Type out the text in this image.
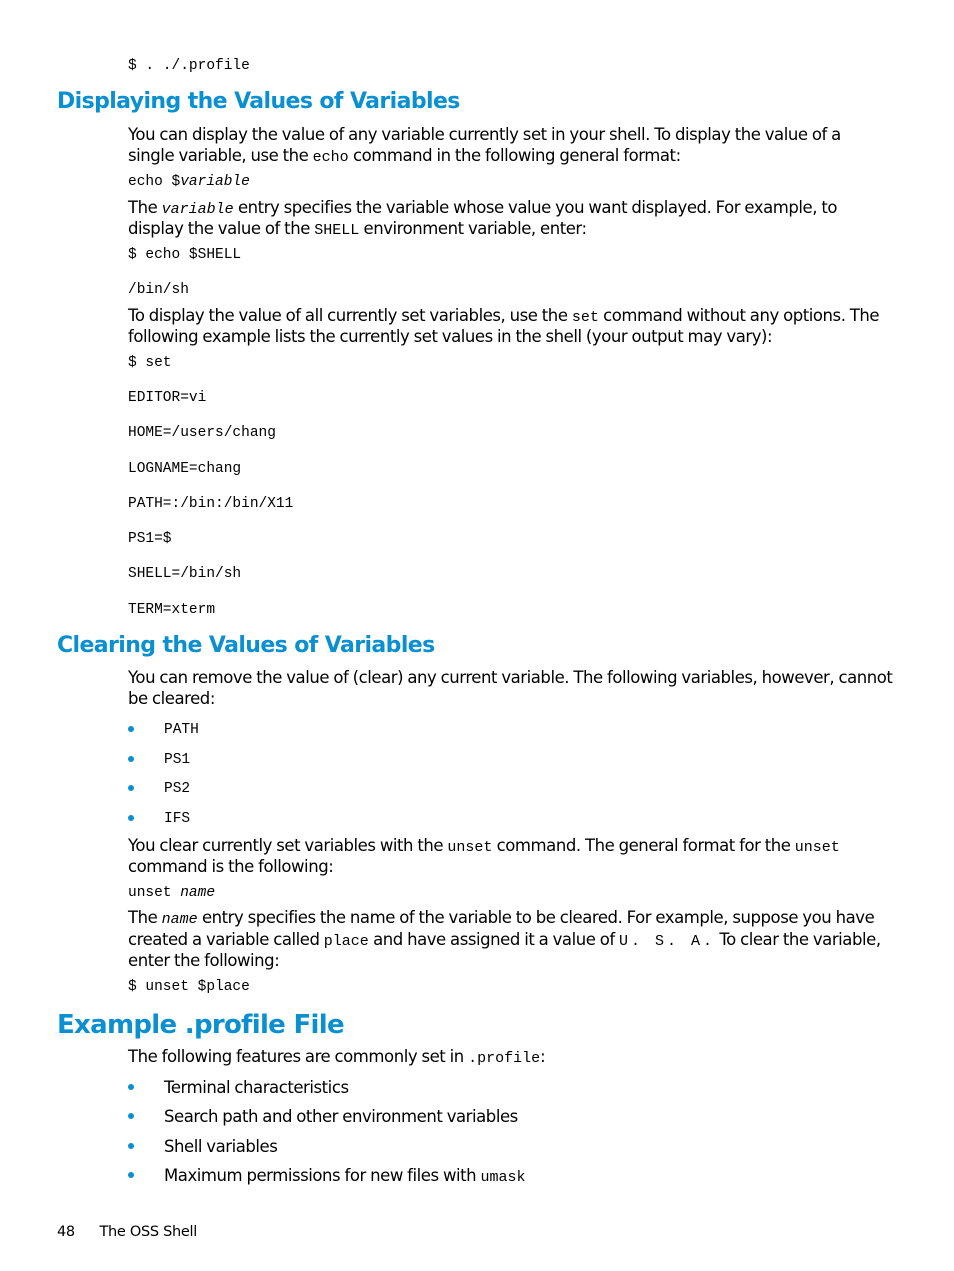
$ . ./.profile
Displaying the Values of Variables

You can display the value of any variable currently set in your shell. To display the value of a

single variable, use the echo command in the following general format:

echo $variable

The variable entry specifies the variable whose value you want displayed. For example, to

display the value of the SHELL environment variable, enter:

$ echo $SHELL
/bin/sh

To display the value of all currently set variables, use the set command without any options. The

following example lists the currently set values in the shell (your output may vary):

$ set
EDITOR=vi
HOME=/users/chang
LOGNAME=chang
PATH=:/bin:/bin/X11
PS1=$
SHELL=/bin/sh
TERM=xterm
Clearing the Values of Variables

You can remove the value of (clear) any current variable. The following variables, however, cannot

be cleared:

PATH
PS1
PS2
IFS

You clear currently set variables with the unset command. The general format for the unset

command is the following:

unset name

The name entry specifies the name of the variable to be cleared. For example, suppose you have

created a variable called place and have assigned it a value of U. S. A. To clear the variable,

enter the following:

$ unset $place
Example .profile File

The following features are commonly set in .profile:

Terminal characteristics

Search path and other environment variables

Shell variables

Maximum permissions for new files with umask

48 The OSS Shell
